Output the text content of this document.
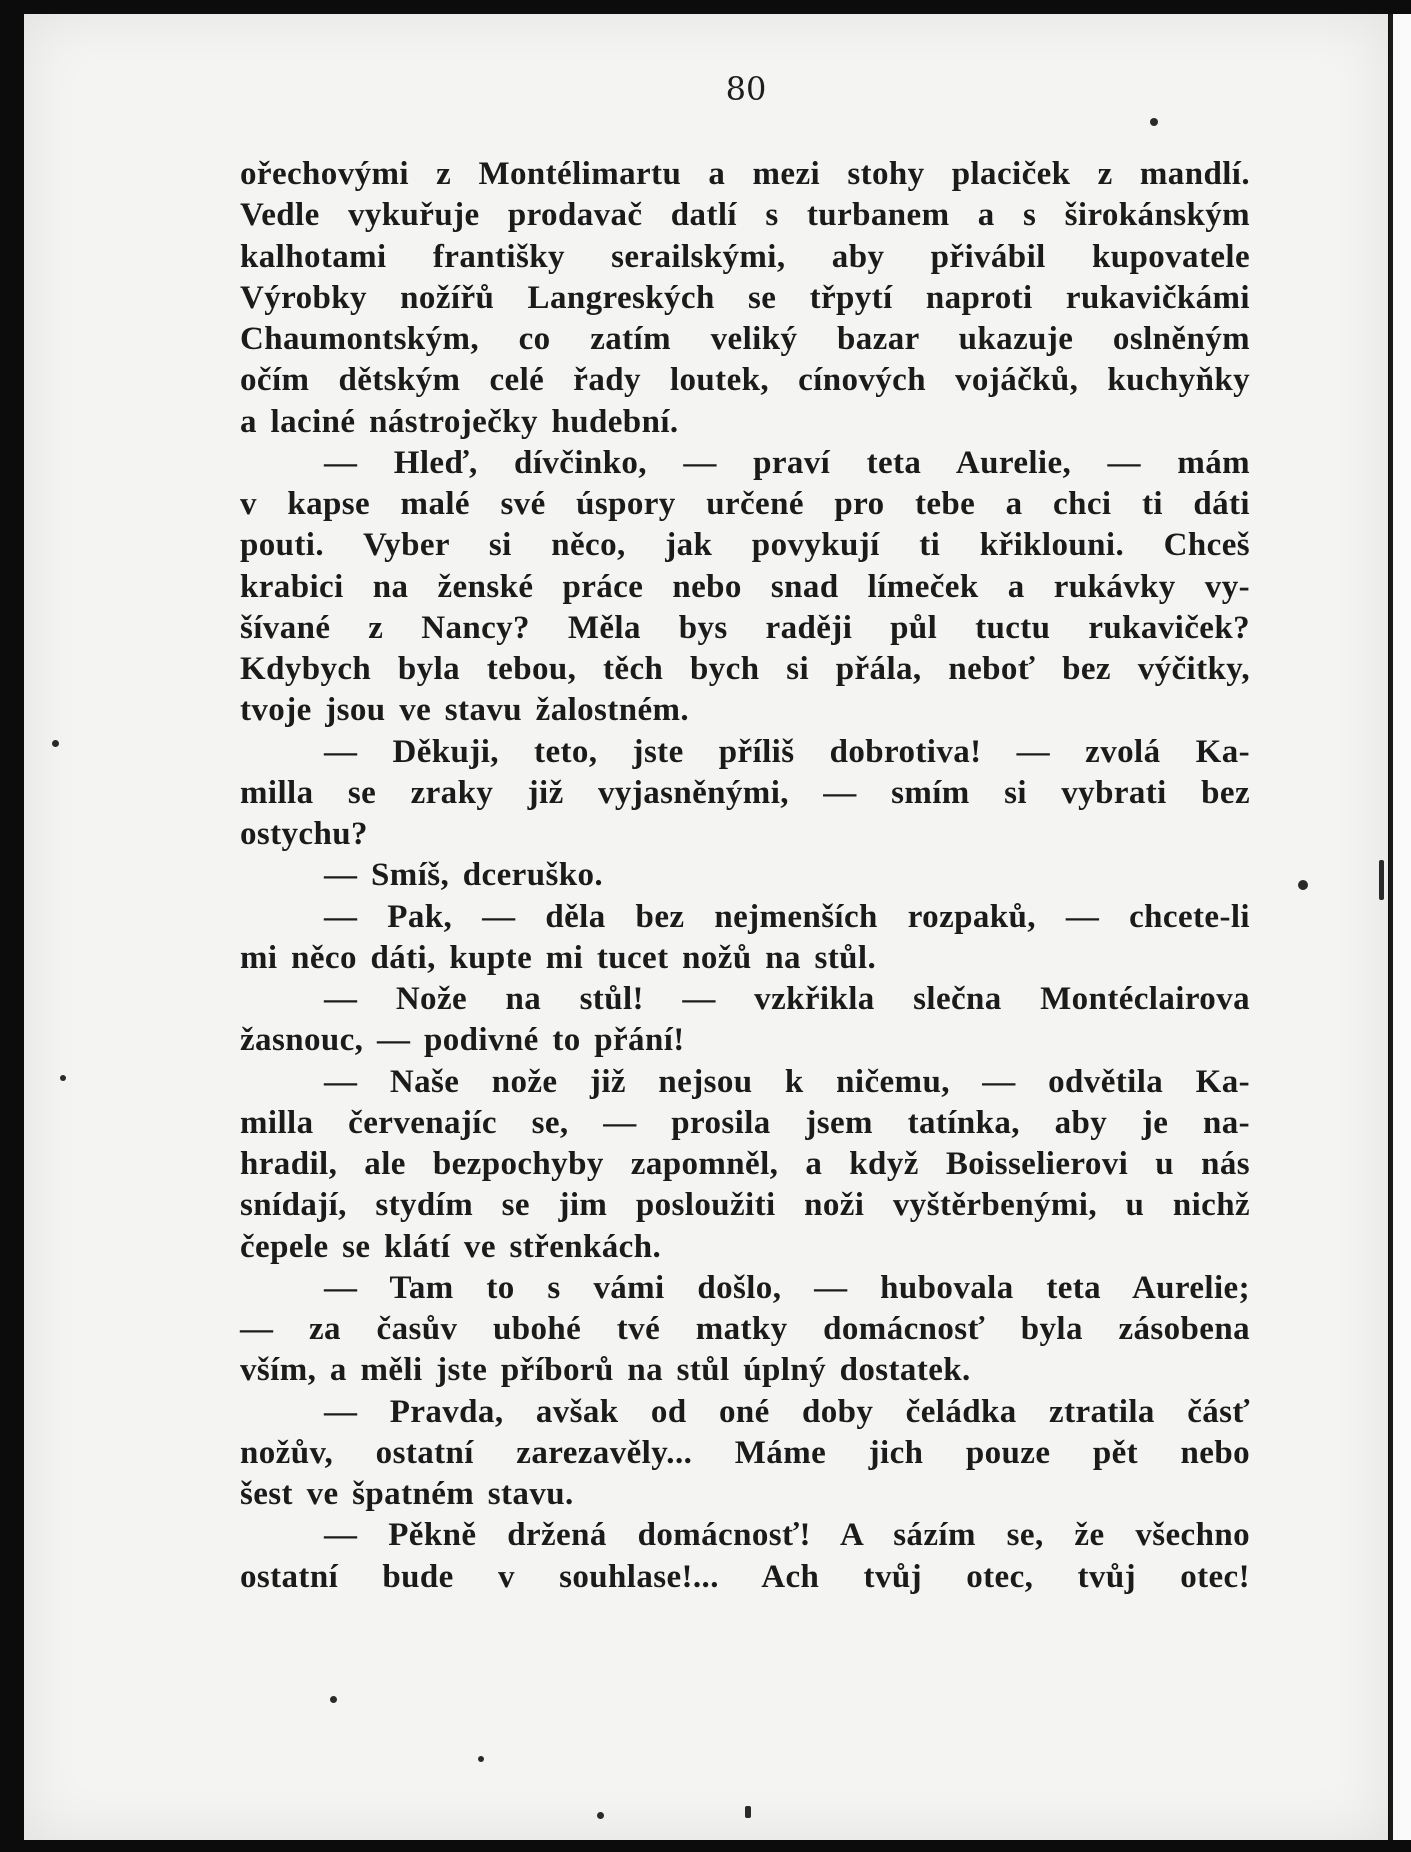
80
ořechovými z Montélimartu a mezi stohy placiček z mandlí.
Vedle vykuřuje prodavač datlí s turbanem a s širokánským
kalhotami františky serailskými, aby přivábil kupovatele
Výrobky nožířů Langreských se třpytí naproti rukavičkámi
Chaumontským, co zatím veliký bazar ukazuje oslněným
očím dětským celé řady loutek, cínových vojáčků, kuchyňky
a laciné nástroječky hudební.
— Hleď, dívčinko, — praví teta Aurelie, — mám
v kapse malé své úspory určené pro tebe a chci ti dáti
pouti. Vyber si něco, jak povykují ti křiklouni. Chceš
krabici na ženské práce nebo snad límeček a rukávky vy-
šívané z Nancy? Měla bys raději půl tuctu rukaviček?
Kdybych byla tebou, těch bych si přála, neboť bez výčitky,
tvoje jsou ve stavu žalostném.
— Děkuji, teto, jste příliš dobrotiva! — zvolá Ka-
milla se zraky již vyjasněnými, — smím si vybrati bez
ostychu?
— Smíš, dceruško.
— Pak, — děla bez nejmenších rozpaků, — chcete-li
mi něco dáti, kupte mi tucet nožů na stůl.
— Nože na stůl! — vzkřikla slečna Montéclairova
žasnouc, — podivné to přání!
— Naše nože již nejsou k ničemu, — odvětila Ka-
milla červenajíc se, — prosila jsem tatínka, aby je na-
hradil, ale bezpochyby zapomněl, a když Boisselierovi u nás
snídají, stydím se jim posloužiti noži vyštěrbenými, u nichž
čepele se klátí ve střenkách.
— Tam to s vámi došlo, — hubovala teta Aurelie;
— za časův ubohé tvé matky domácnosť byla zásobena
vším, a měli jste příborů na stůl úplný dostatek.
— Pravda, avšak od oné doby čeládka ztratila čásť
nožův, ostatní zarezavěly... Máme jich pouze pět nebo
šest ve špatném stavu.
— Pěkně držená domácnosť! A sázím se, že všechno
ostatní bude v souhlase!... Ach tvůj otec, tvůj otec!
